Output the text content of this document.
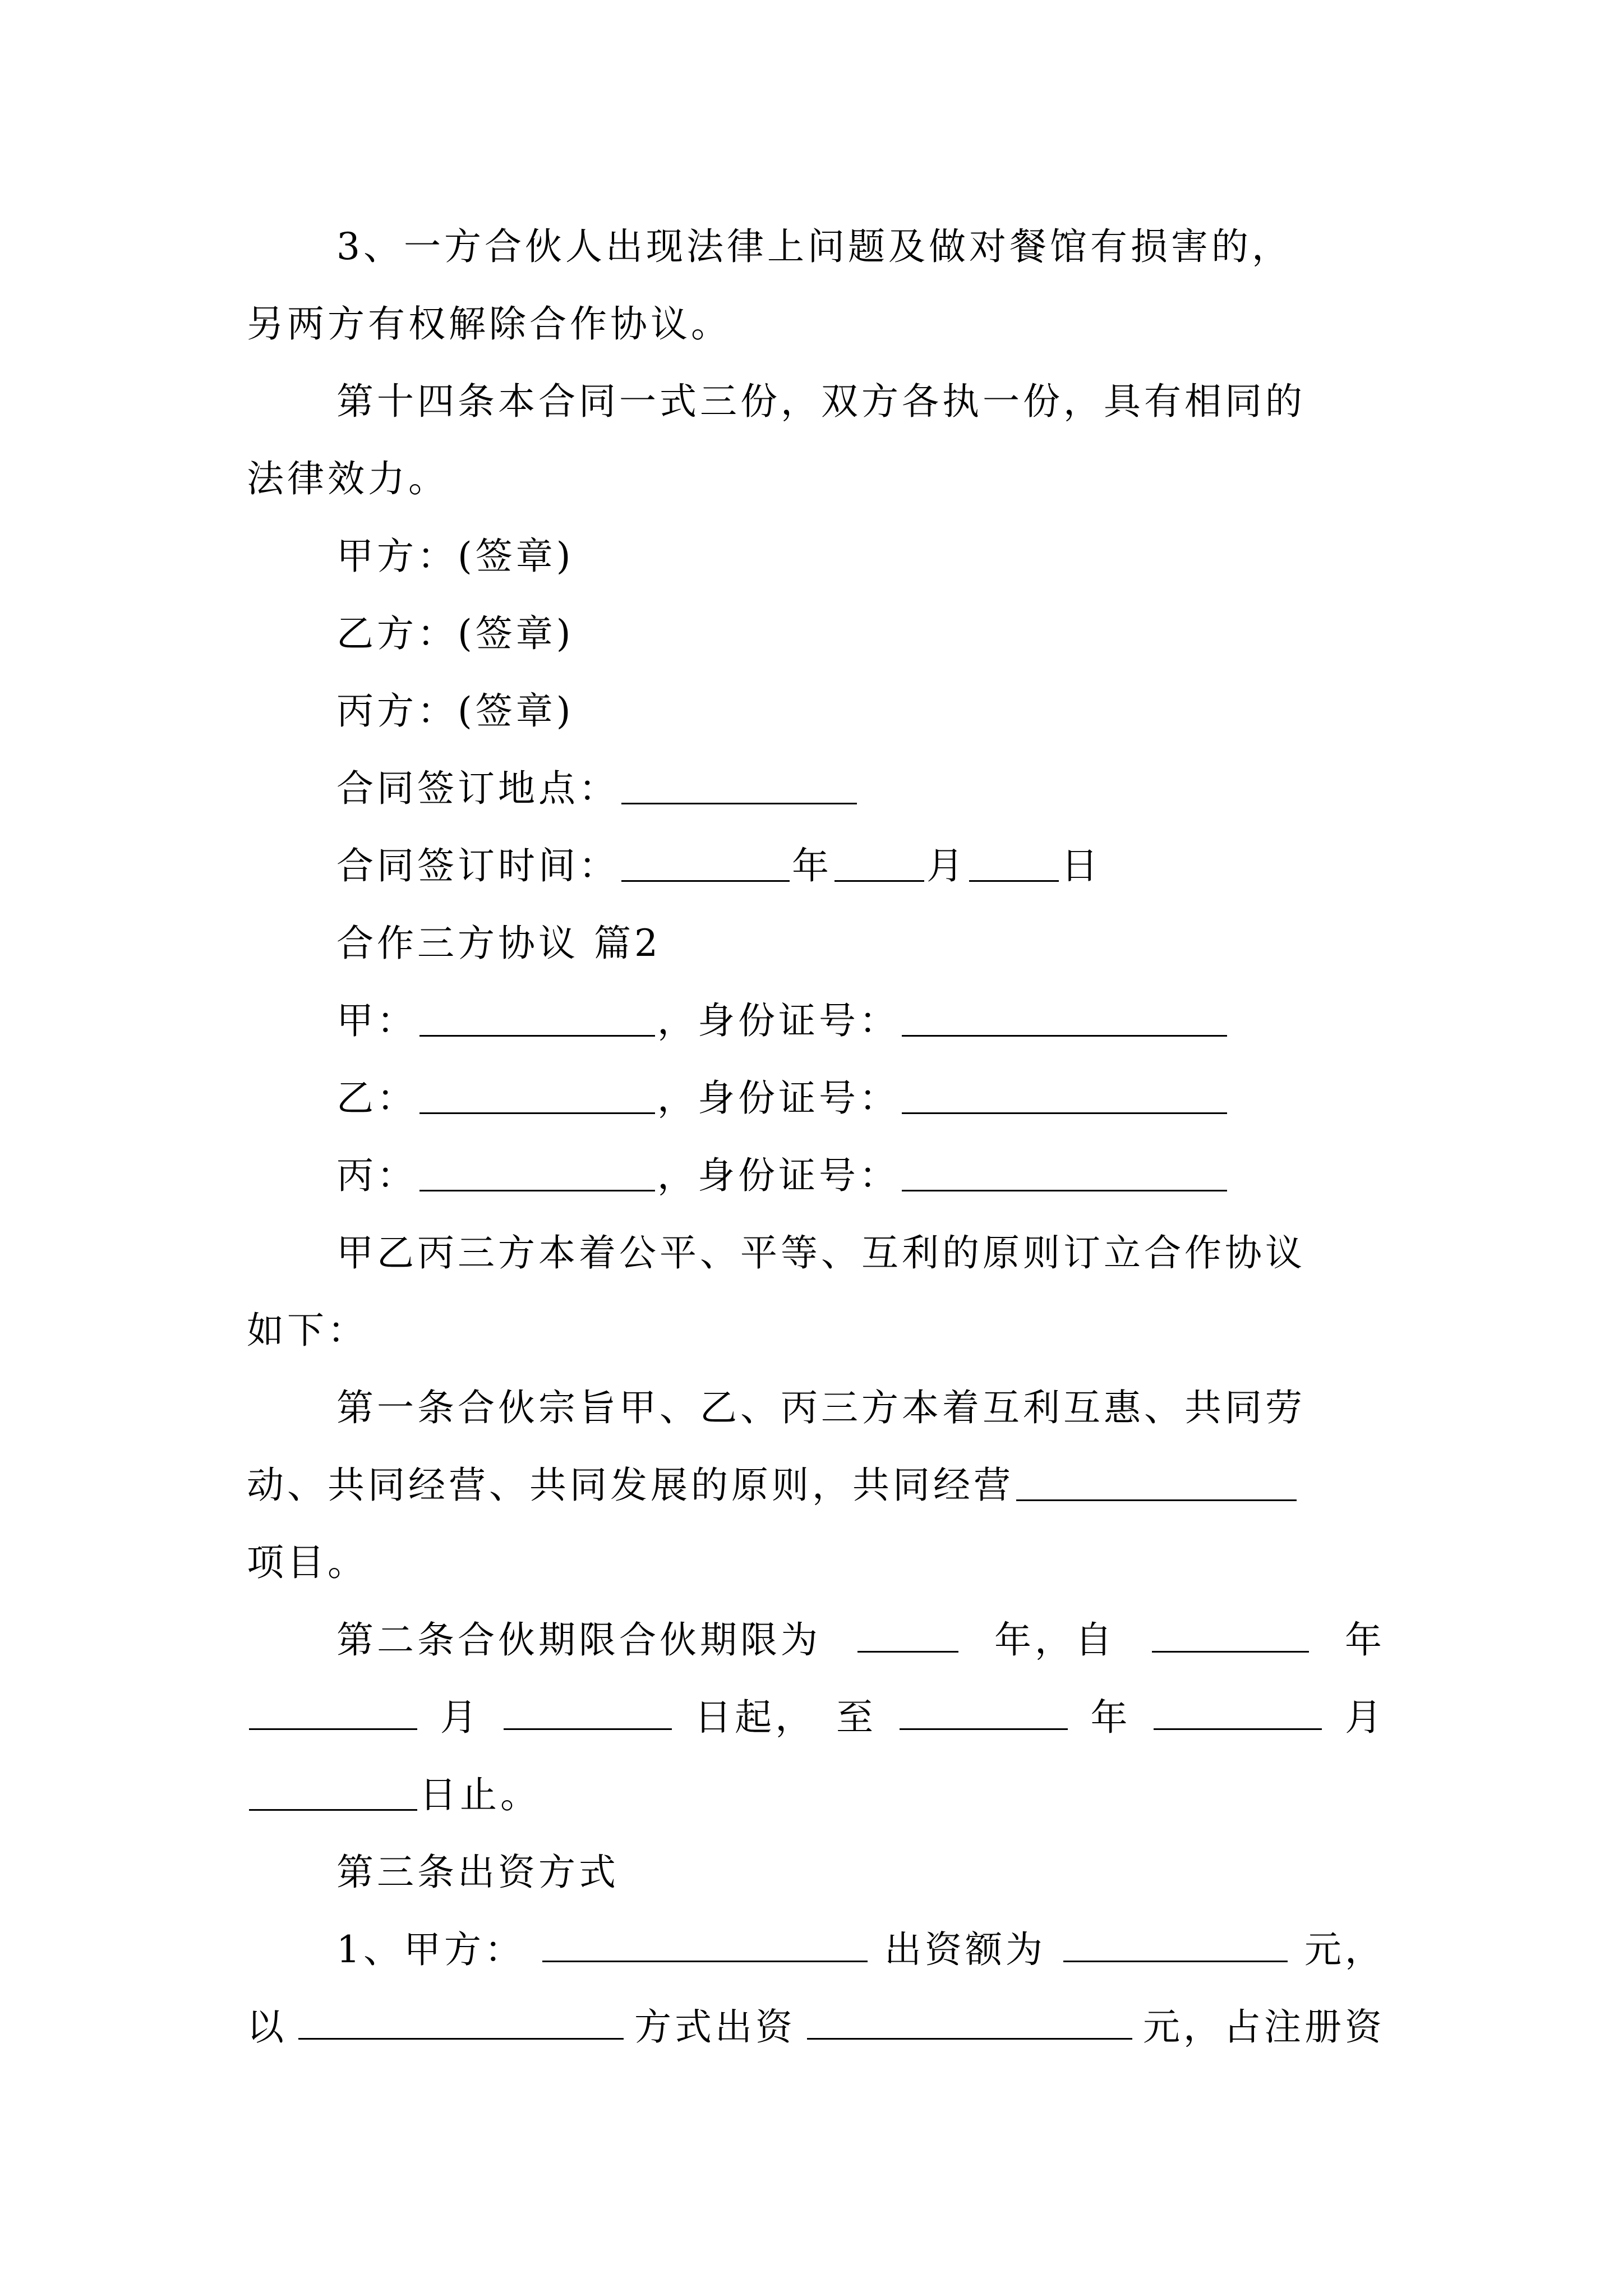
3、一方合伙人出现法律上问题及做对餐馆有损害的，
另两方有权解除合作协议。
第十四条本合同一式三份，双方各执一份，具有相同的
法律效力。
甲方：(签章)
乙方：(签章)
丙方：(签章)
合同签订地点：
合同签订时间：	年	月	日
合作三方协议 篇2
甲：	，身份证号：
乙：	，身份证号：
丙：	，身份证号：
甲乙丙三方本着公平、平等、互利的原则订立合作协议
如下：
第一条合伙宗旨甲、乙、丙三方本着互利互惠、共同劳
动、共同经营、共同发展的原则，共同经营
项目。
第二条合伙期限合伙期限为	年，自	年
月	日起， 至	年	月
日止。
第三条出资方式
1、甲方：	出资额为	元，
以	方式出资	元，占注册资
